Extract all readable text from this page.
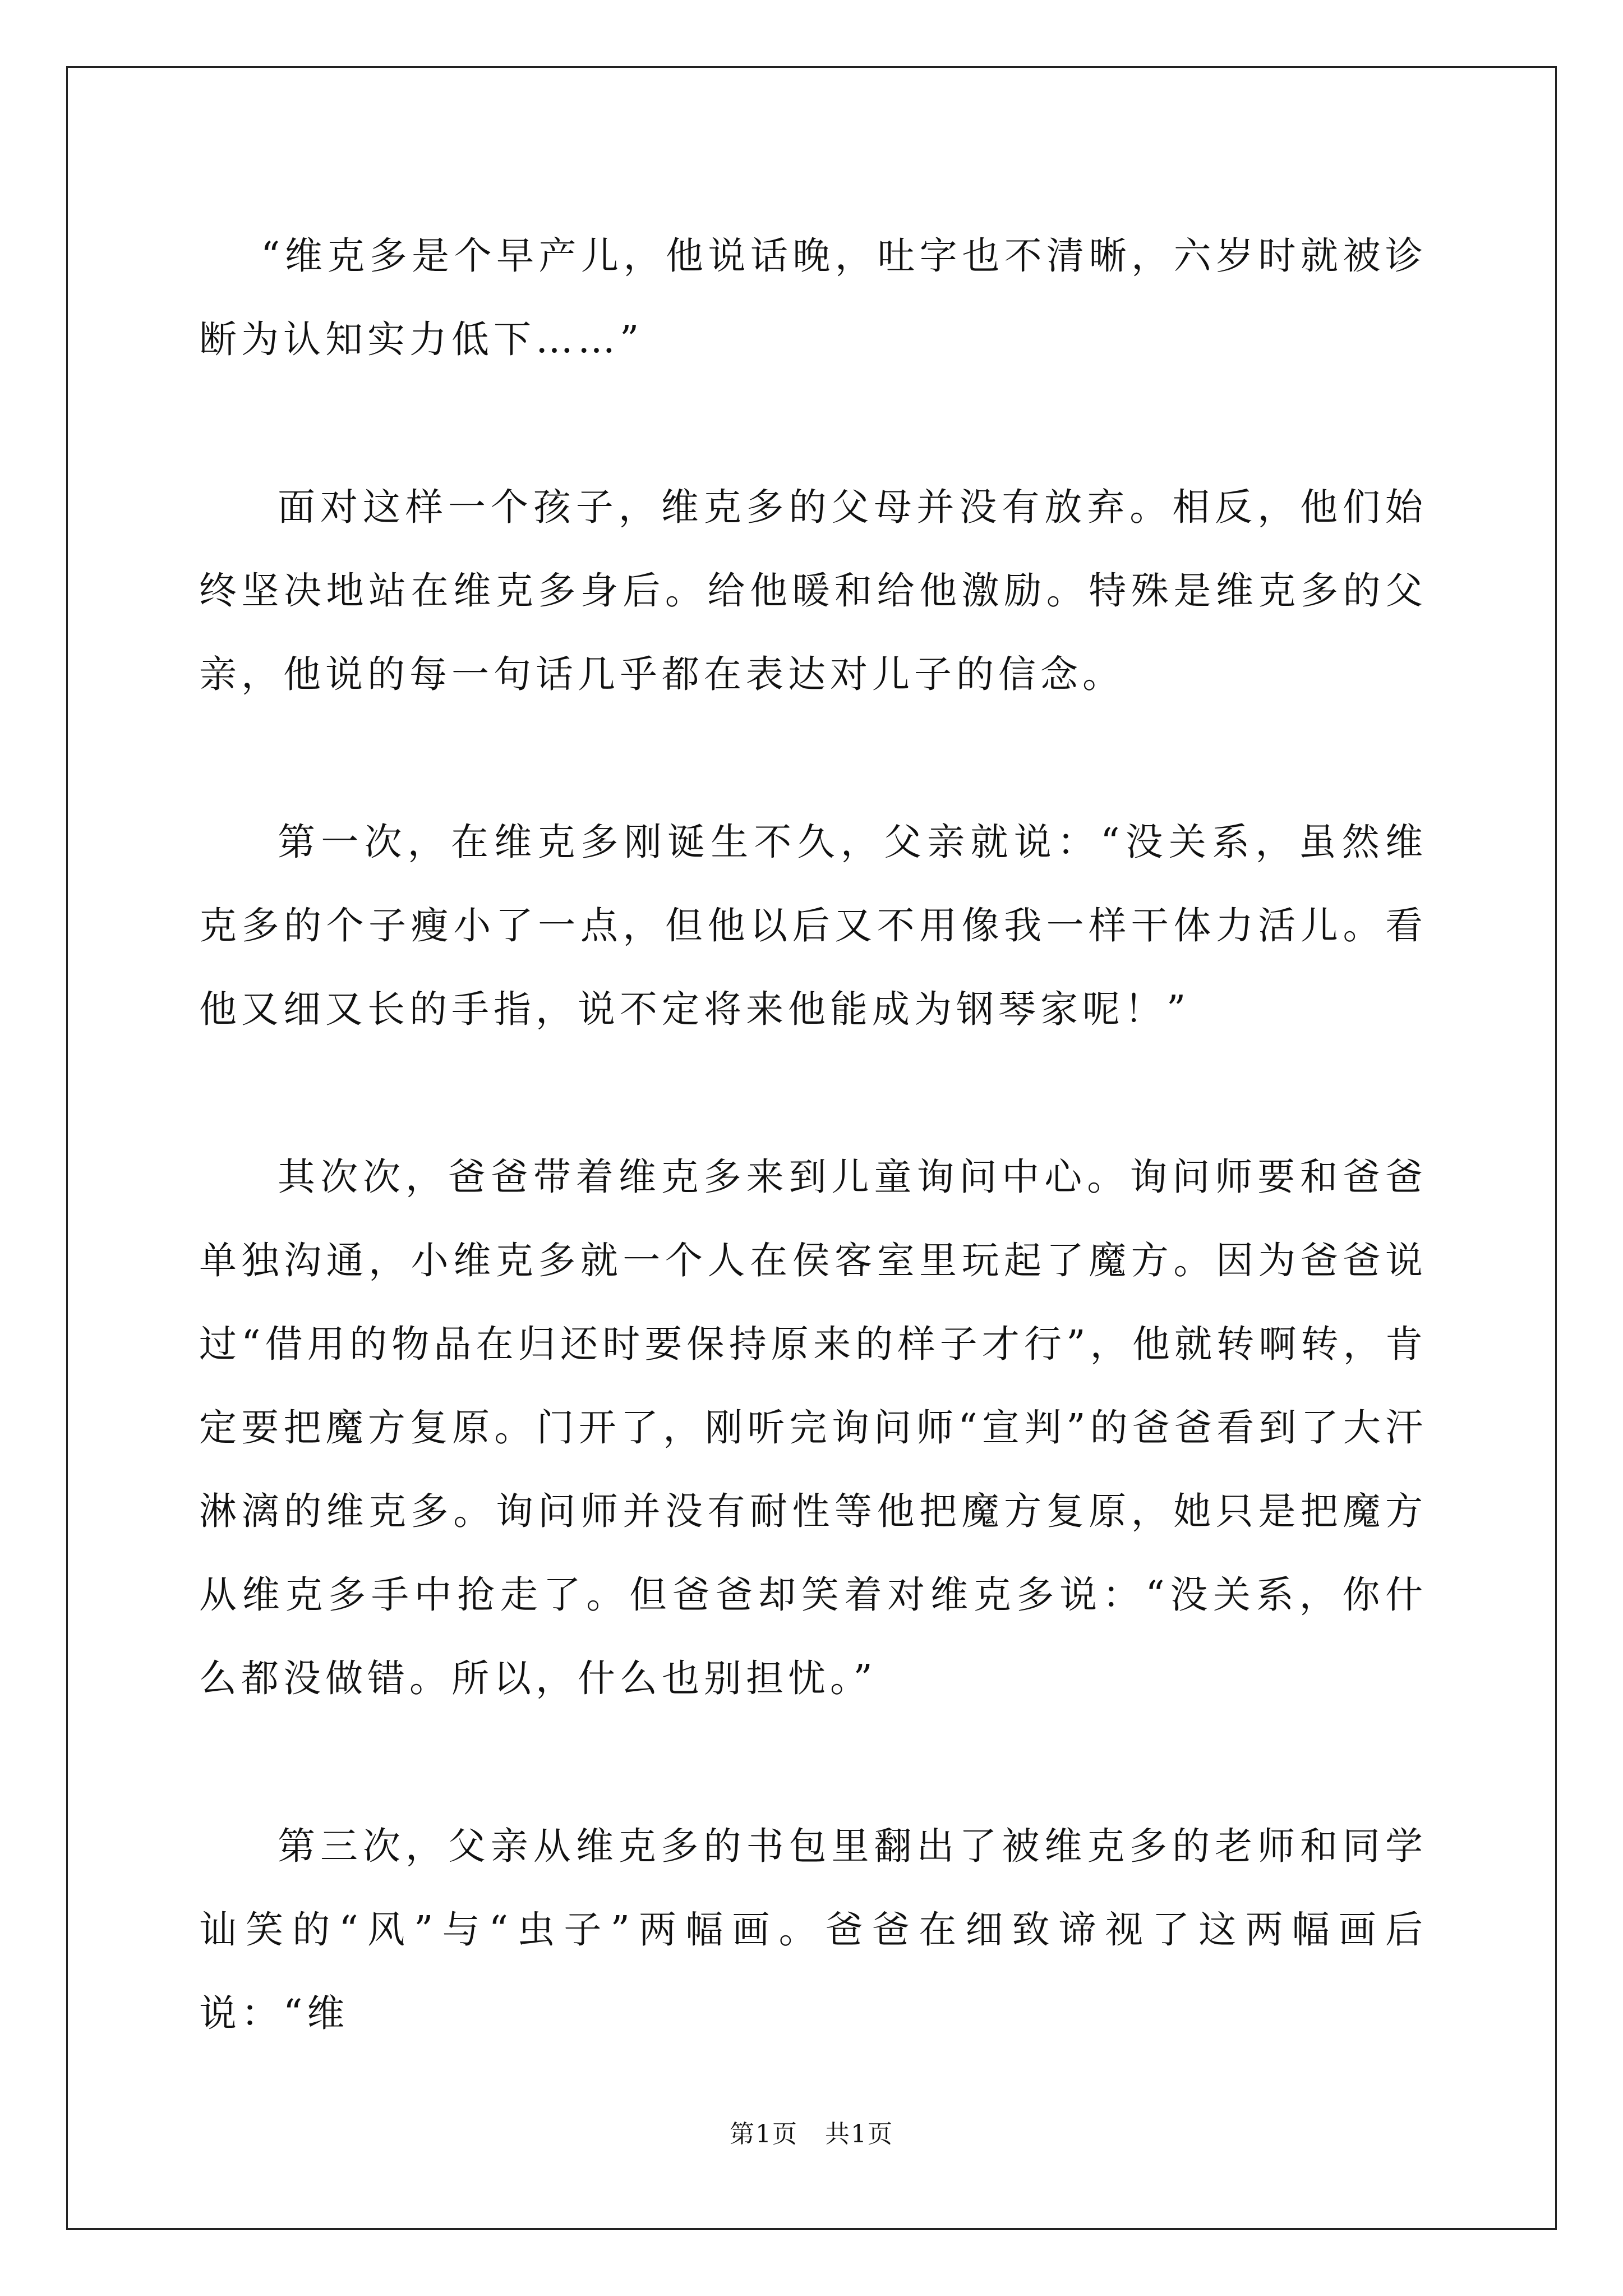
“维克多是个早产儿，他说话晚，吐字也不清晰，六岁时就被诊断为认知实力低下……”

面对这样一个孩子，维克多的父母并没有放弃。相反，他们始终坚决地站在维克多身后。给他暖和给他激励。特殊是维克多的父亲，他说的每一句话几乎都在表达对儿子的信念。

第一次，在维克多刚诞生不久，父亲就说：“没关系，虽然维克多的个子瘦小了一点，但他以后又不用像我一样干体力活儿。看他又细又长的手指，说不定将来他能成为钢琴家呢！”

其次次，爸爸带着维克多来到儿童询问中心。询问师要和爸爸单独沟通，小维克多就一个人在侯客室里玩起了魔方。因为爸爸说过“借用的物品在归还时要保持原来的样子才行”，他就转啊转，肯定要把魔方复原。门开了，刚听完询问师“宣判”的爸爸看到了大汗淋漓的维克多。询问师并没有耐性等他把魔方复原，她只是把魔方从维克多手中抢走了。但爸爸却笑着对维克多说：“没关系，你什么都没做错。所以，什么也别担忧。”

第三次，父亲从维克多的书包里翻出了被维克多的老师和同学讪笑的“风”与“虫子”两幅画。爸爸在细致谛视了这两幅画后说：“维

第1页   共1页
